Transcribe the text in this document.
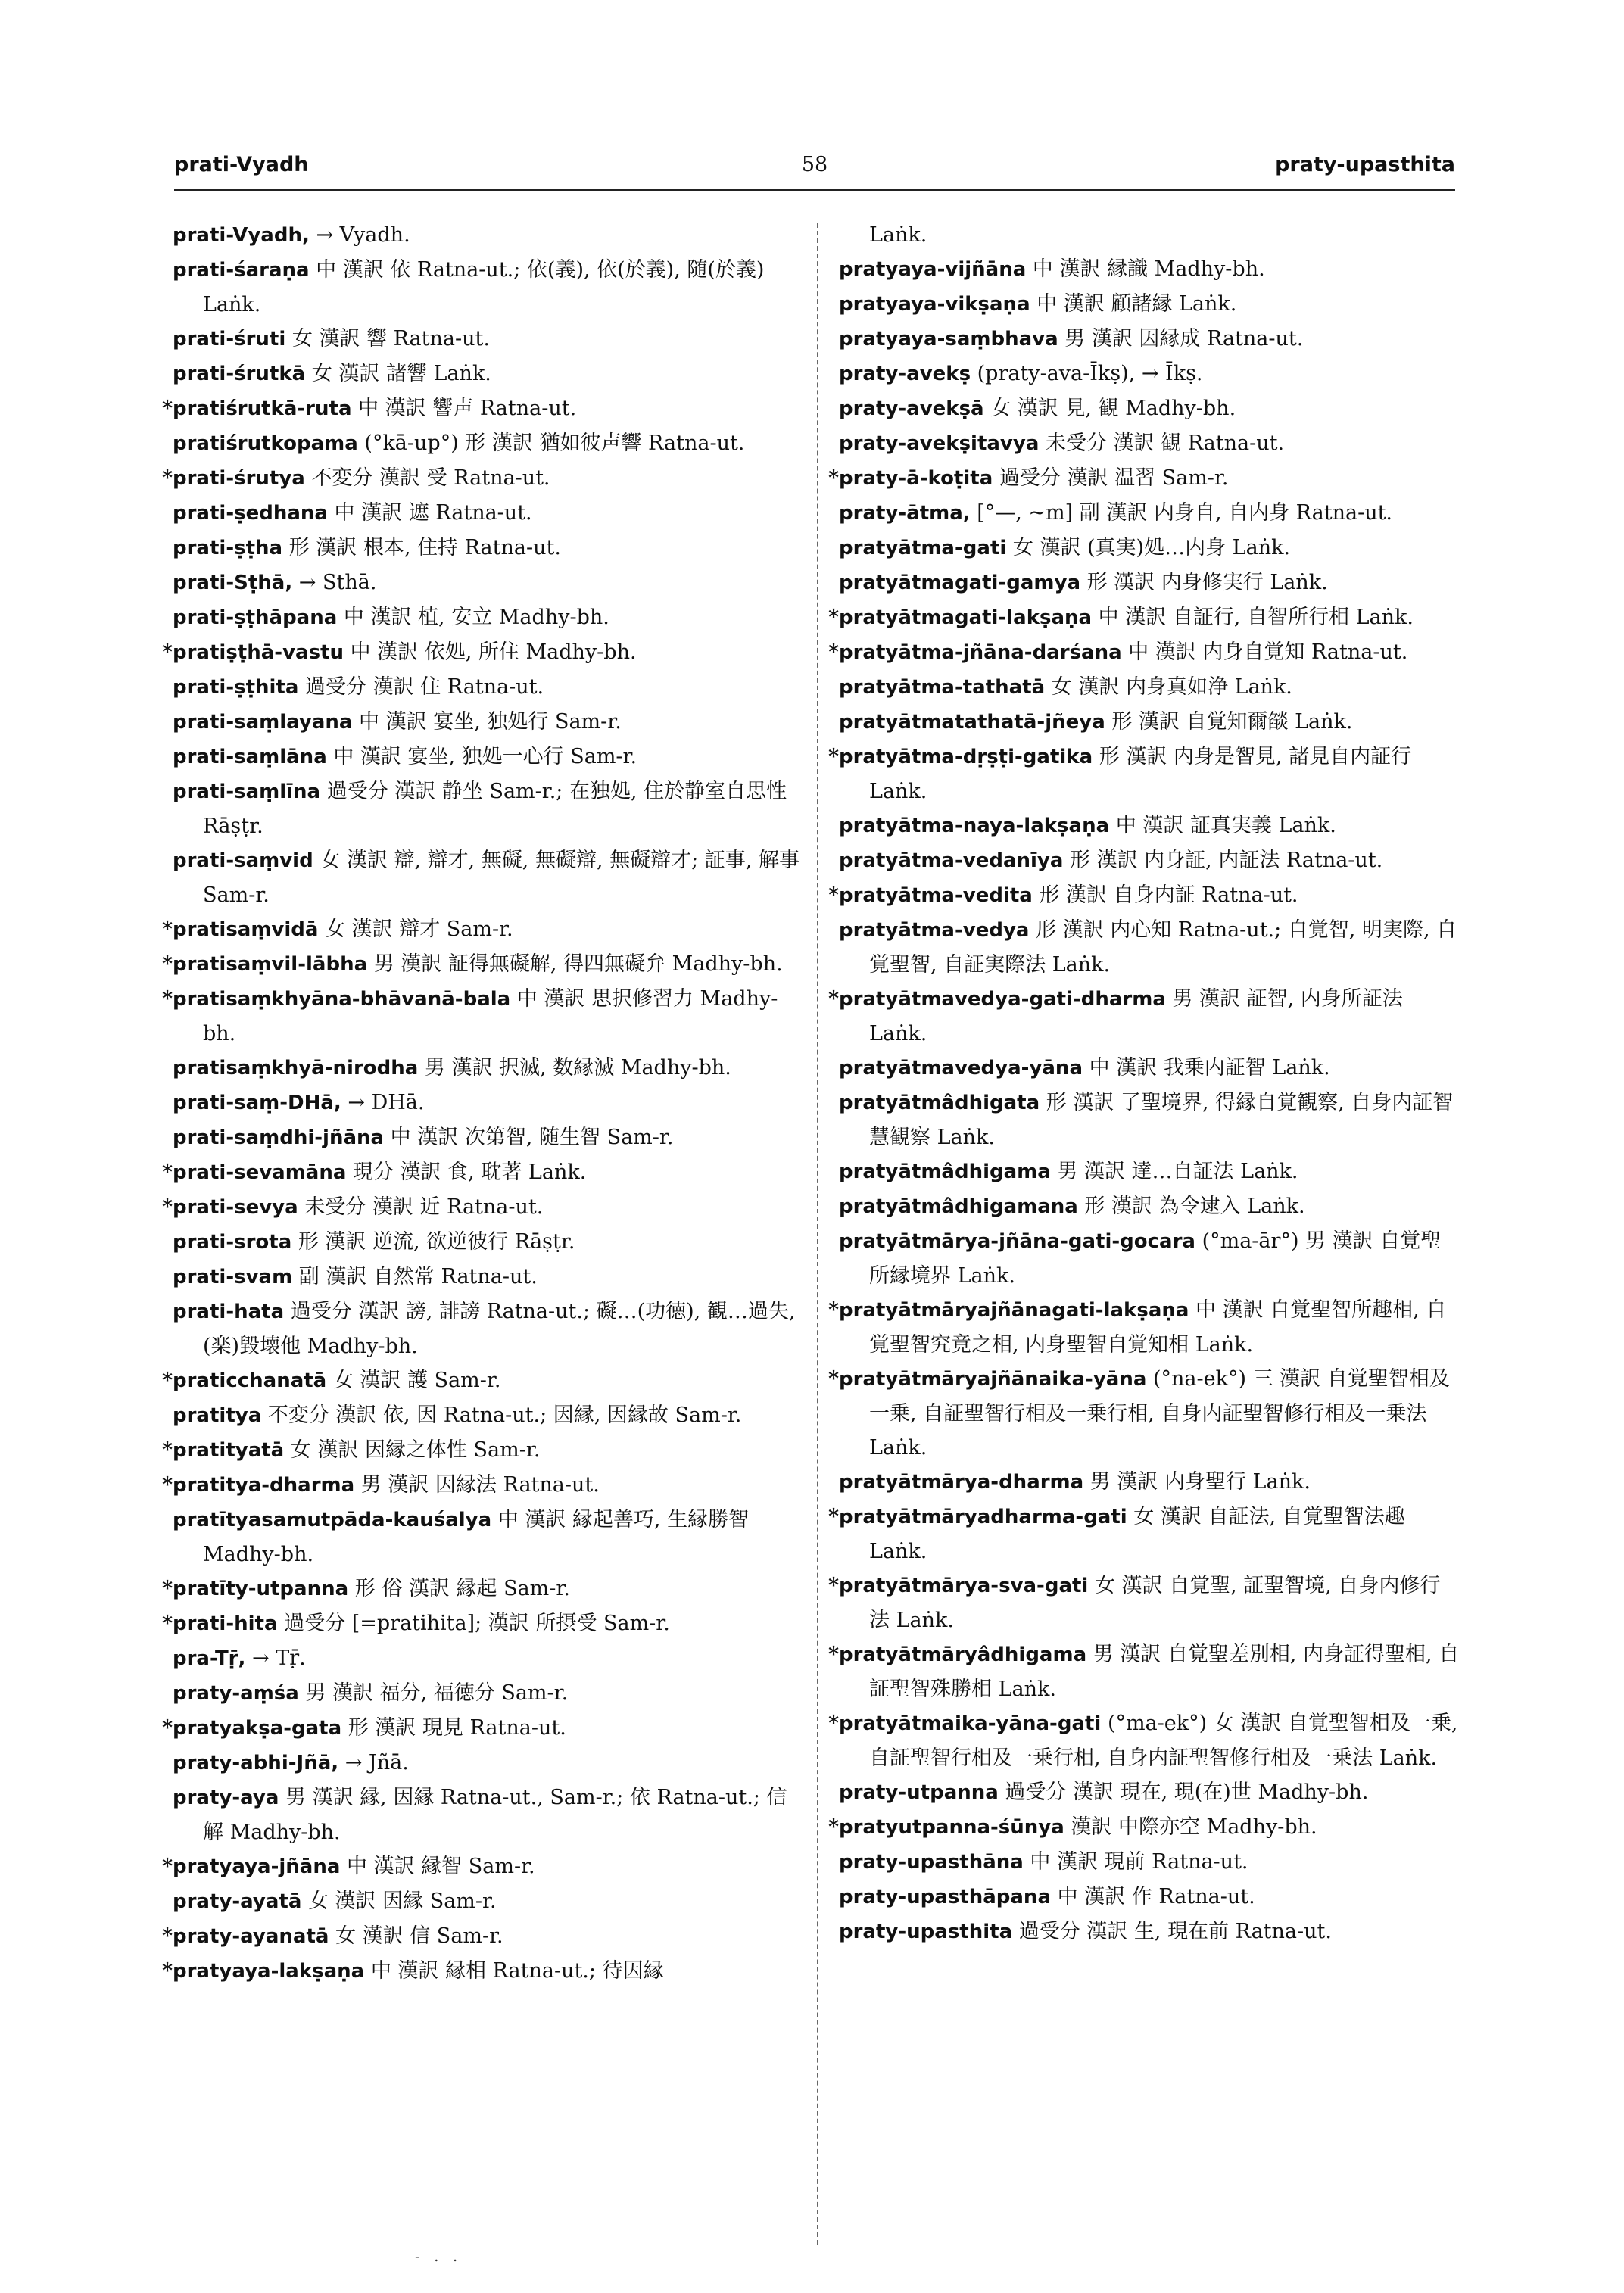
prati-Vyadh	58	praty-upasthita

prati-Vyadh, → Vyadh.

prati-śaraṇa 中 漢訳 依 Ratna-ut.; 依(義), 依(於義), 随(於義) Laṅk.

prati-śruti 女 漢訳 響 Ratna-ut.

prati-śrutkā 女 漢訳 諸響 Laṅk.

*pratiśrutkā-ruta 中 漢訳 響声 Ratna-ut.

pratiśrutkopama (°kā-up°) 形 漢訳 猶如彼声響 Ratna-ut.

*prati-śrutya 不変分 漢訳 受 Ratna-ut.

prati-ṣedhana 中 漢訳 遮 Ratna-ut.

prati-ṣṭha 形 漢訳 根本, 住持 Ratna-ut.

prati-Sṭhā, → Sthā.

prati-ṣṭhāpana 中 漢訳 植, 安立 Madhy-bh.

*pratiṣṭhā-vastu 中 漢訳 依処, 所住 Madhy-bh.

prati-ṣṭhita 過受分 漢訳 住 Ratna-ut.

prati-saṃlayana 中 漢訳 宴坐, 独処行 Sam-r.

prati-saṃlāna 中 漢訳 宴坐, 独処一心行 Sam-r.

prati-saṃlīna 過受分 漢訳 静坐 Sam-r.; 在独処, 住於静室自思性 Rāṣṭr.

prati-saṃvid 女 漢訳 辯, 辯才, 無礙, 無礙辯, 無礙辯才; 証事, 解事 Sam-r.

*pratisaṃvidā 女 漢訳 辯才 Sam-r.

*pratisaṃvil-lābha 男 漢訳 証得無礙解, 得四無礙弁 Madhy-bh.

*pratisaṃkhyāna-bhāvanā-bala 中 漢訳 思択修習力 Madhy-bh.

pratisaṃkhyā-nirodha 男 漢訳 択滅, 数縁滅 Madhy-bh.

prati-saṃ-DHā, → DHā.

prati-saṃdhi-jñāna 中 漢訳 次第智, 随生智 Sam-r.

*prati-sevamāna 現分 漢訳 食, 耽著 Laṅk.

*prati-sevya 未受分 漢訳 近 Ratna-ut.

prati-srota 形 漢訳 逆流, 欲逆彼行 Rāṣṭr.

prati-svam 副 漢訳 自然常 Ratna-ut.

prati-hata 過受分 漢訳 謗, 誹謗 Ratna-ut.; 礙…(功徳), 観…過失, (楽)毀壊他 Madhy-bh.

*praticchanatā 女 漢訳 護 Sam-r.

pratitya 不変分 漢訳 依, 因 Ratna-ut.; 因縁, 因縁故 Sam-r.

*pratityatā 女 漢訳 因縁之体性 Sam-r.

*pratitya-dharma 男 漢訳 因縁法 Ratna-ut.

pratītyasamutpāda-kauśalya 中 漢訳 縁起善巧, 生縁勝智 Madhy-bh.

*pratīty-utpanna 形 俗 漢訳 縁起 Sam-r.

*prati-hita 過受分 [=pratihita]; 漢訳 所摂受 Sam-r.

pra-Tṝ, → Tṝ.

praty-aṃśa 男 漢訳 福分, 福徳分 Sam-r.

*pratyakṣa-gata 形 漢訳 現見 Ratna-ut.

praty-abhi-Jñā, → Jñā.

praty-aya 男 漢訳 縁, 因縁 Ratna-ut., Sam-r.; 依 Ratna-ut.; 信解 Madhy-bh.

*pratyaya-jñāna 中 漢訳 縁智 Sam-r.

praty-ayatā 女 漢訳 因縁 Sam-r.

*praty-ayanatā 女 漢訳 信 Sam-r.

*pratyaya-lakṣaṇa 中 漢訳 縁相 Ratna-ut.; 待因縁

Laṅk.

pratyaya-vijñāna 中 漢訳 縁識 Madhy-bh.

pratyaya-vikṣaṇa 中 漢訳 顧諸縁 Laṅk.

pratyaya-saṃbhava 男 漢訳 因縁成 Ratna-ut.

praty-avekṣ (praty-ava-Īkṣ), → Īkṣ.

praty-avekṣā 女 漢訳 見, 観 Madhy-bh.

praty-avekṣitavya 未受分 漢訳 観 Ratna-ut.

*praty-ā-koṭita 過受分 漢訳 温習 Sam-r.

praty-ātma, [°—, ~m] 副 漢訳 内身自, 自内身 Ratna-ut.

pratyātma-gati 女 漢訳 (真実)処…内身 Laṅk.

pratyātmagati-gamya 形 漢訳 内身修実行 Laṅk.

*pratyātmagati-lakṣaṇa 中 漢訳 自証行, 自智所行相 Laṅk.

*pratyātma-jñāna-darśana 中 漢訳 内身自覚知 Ratna-ut.

pratyātma-tathatā 女 漢訳 内身真如浄 Laṅk.

pratyātmatathatā-jñeya 形 漢訳 自覚知爾燄 Laṅk.

*pratyātma-dṛṣṭi-gatika 形 漢訳 内身是智見, 諸見自内証行 Laṅk.

pratyātma-naya-lakṣaṇa 中 漢訳 証真実義 Laṅk.

pratyātma-vedanīya 形 漢訳 内身証, 内証法 Ratna-ut.

*pratyātma-vedita 形 漢訳 自身内証 Ratna-ut.

pratyātma-vedya 形 漢訳 内心知 Ratna-ut.; 自覚智, 明実際, 自覚聖智, 自証実際法 Laṅk.

*pratyātmavedya-gati-dharma 男 漢訳 証智, 内身所証法 Laṅk.

pratyātmavedya-yāna 中 漢訳 我乗内証智 Laṅk.

pratyātmâdhigata 形 漢訳 了聖境界, 得縁自覚観察, 自身内証智慧観察 Laṅk.

pratyātmâdhigama 男 漢訳 達…自証法 Laṅk.

pratyātmâdhigamana 形 漢訳 為令逮入 Laṅk.

pratyātmārya-jñāna-gati-gocara (°ma-ār°) 男 漢訳 自覚聖所縁境界 Laṅk.

*pratyātmāryajñānagati-lakṣaṇa 中 漢訳 自覚聖智所趣相, 自覚聖智究竟之相, 内身聖智自覚知相 Laṅk.

*pratyātmāryajñānaika-yāna (°na-ek°) 三 漢訳 自覚聖智相及一乗, 自証聖智行相及一乗行相, 自身内証聖智修行相及一乗法 Laṅk.

pratyātmārya-dharma 男 漢訳 内身聖行 Laṅk.

*pratyātmāryadharma-gati 女 漢訳 自証法, 自覚聖智法趣 Laṅk.

*pratyātmārya-sva-gati 女 漢訳 自覚聖, 証聖智境, 自身内修行法 Laṅk.

*pratyātmāryâdhigama 男 漢訳 自覚聖差別相, 内身証得聖相, 自証聖智殊勝相 Laṅk.

*pratyātmaika-yāna-gati (°ma-ek°) 女 漢訳 自覚聖智相及一乗, 自証聖智行相及一乗行相, 自身内証聖智修行相及一乗法 Laṅk.

praty-utpanna 過受分 漢訳 現在, 現(在)世 Madhy-bh.

*pratyutpanna-śūnya 漢訳 中際亦空 Madhy-bh.

praty-upasthāna 中 漢訳 現前 Ratna-ut.

praty-upasthāpana 中 漢訳 作 Ratna-ut.

praty-upasthita 過受分 漢訳 生, 現在前 Ratna-ut.

- . .
